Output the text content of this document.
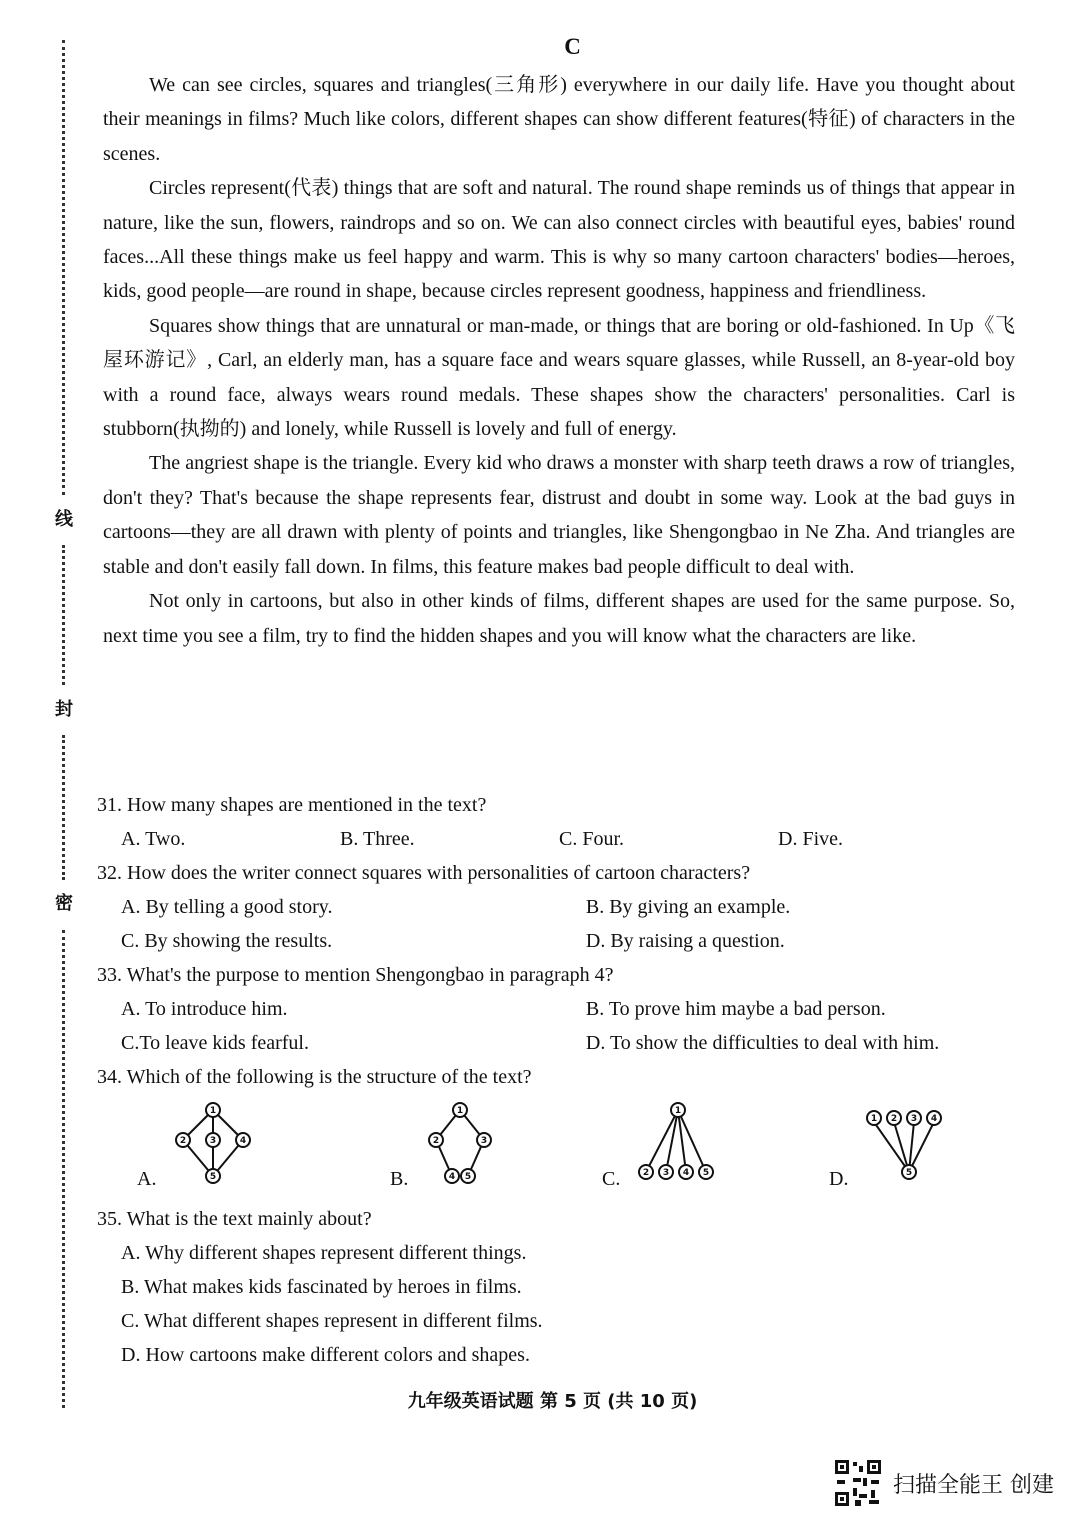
线
封
密
C

We can see circles, squares and triangles(三角形) everywhere in our daily life. Have you thought about their meanings in films? Much like colors, different shapes can show different features(特征) of characters in the scenes.

Circles represent(代表) things that are soft and natural. The round shape reminds us of things that appear in nature, like the sun, flowers, raindrops and so on. We can also connect circles with beautiful eyes, babies' round faces...All these things make us feel happy and warm. This is why so many cartoon characters' bodies—heroes, kids, good people—are round in shape, because circles represent goodness, happiness and friendliness.

Squares show things that are unnatural or man-made, or things that are boring or old-fashioned. In Up《飞屋环游记》, Carl, an elderly man, has a square face and wears square glasses, while Russell, an 8-year-old boy with a round face, always wears round medals. These shapes show the characters' personalities. Carl is stubborn(执拗的) and lonely, while Russell is lovely and full of energy.

The angriest shape is the triangle. Every kid who draws a monster with sharp teeth draws a row of triangles, don't they? That's because the shape represents fear, distrust and doubt in some way. Look at the bad guys in cartoons—they are all drawn with plenty of points and triangles, like Shengongbao in Ne Zha. And triangles are stable and don't easily fall down. In films, this feature makes bad people difficult to deal with.

Not only in cartoons, but also in other kinds of films, different shapes are used for the same purpose. So, next time you see a film, try to find the hidden shapes and you will know what the characters are like.

31. How many shapes are mentioned in the text?

A. Two.	B. Three.	C. Four.	D. Five.

32. How does the writer connect squares with personalities of cartoon characters?

A. By telling a good story.	B. By giving an example.
C. By showing the results.	D. By raising a question.

33. What's the purpose to mention Shengongbao in paragraph 4?

A. To introduce him.	B. To prove him maybe a bad person.
C.To leave kids fearful.	D. To show the difficulties to deal with him.

34. Which of the following is the structure of the text?

A.
1
2	3	4
5	B.
1
2	3
4 5	C.
1
2 3 4 5	D.
1 2 3 4
5

35. What is the text mainly about?

A. Why different shapes represent different things.
B. What makes kids fascinated by heroes in films.
C. What different shapes represent in different films.
D. How cartoons make different colors and shapes.
九年级英语试题 第 5 页 (共 10 页)
扫描全能王 创建
